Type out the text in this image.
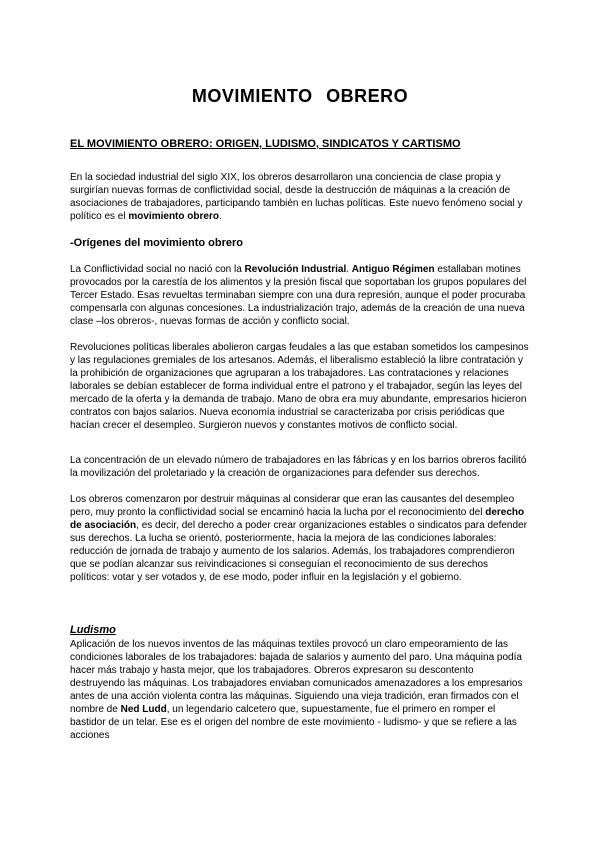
MOVIMIENTO OBRERO
EL MOVIMIENTO OBRERO: ORIGEN, LUDISMO, SINDICATOS Y CARTISMO

En la sociedad industrial del siglo XIX, los obreros desarrollaron una conciencia de clase propia y surgirían nuevas formas de conflictividad social, desde la destrucción de máquinas a la creación de asociaciones de trabajadores, participando también en luchas políticas. Este nuevo fenómeno social y político es el movimiento obrero.

-Orígenes del movimiento obrero

La Conflictividad social no nació con la Revolución Industrial. Antiguo Régimen estallaban motines provocados por la carestía de los alimentos y la presión fiscal que soportaban los grupos populares del Tercer Estado. Esas revueltas terminaban siempre con una dura represión, aunque el poder procuraba compensarla con algunas concesiones. La industrialización trajo, además de la creación de una nueva clase –los obreros-, nuevas formas de acción y conflicto social.

Revoluciones políticas liberales abolieron cargas feudales a las que estaban sometidos los campesinos y las regulaciones gremiales de los artesanos. Además, el liberalismo estableció la libre contratación y la prohibición de organizaciones que agruparan a los trabajadores. Las contrataciones y relaciones laborales se debían establecer de forma individual entre el patrono y el trabajador, según las leyes del mercado de la oferta y la demanda de trabajo. Mano de obra era muy abundante, empresarios hicieron contratos con bajos salarios. Nueva economía industrial se caracterizaba por crisis periódicas que hacían crecer el desempleo. Surgieron nuevos y constantes motivos de conflicto social.

La concentración de un elevado número de trabajadores en las fábricas y en los barrios obreros facilitó la movilización del proletariado y la creación de organizaciones para defender sus derechos.

Los obreros comenzaron por destruir máquinas al considerar que eran las causantes del desempleo pero, muy pronto la conflictividad social se encaminó hacia la lucha por el reconocimiento del derecho de asociación, es decir, del derecho a poder crear organizaciones estables o sindicatos para defender sus derechos. La lucha se orientó, posteriormente, hacia la mejora de las condiciones laborales: reducción de jornada de trabajo y aumento de los salarios. Además, los trabajadores comprendieron que se podían alcanzar sus reivindicaciones si conseguían el reconocimiento de sus derechos políticos: votar y ser votados y, de ese modo, poder influir en la legislación y el gobierno.

Ludismo

Aplicación de los nuevos inventos de las máquinas textiles provocó un claro empeoramiento de las condiciones laborales de los trabajadores: bajada de salarios y aumento del paro. Una máquina podía hacer más trabajo y hasta mejor, que los trabajadores. Obreros expresaron su descontento destruyendo las máquinas. Los trabajadores enviaban comunicados amenazadores a los empresarios antes de una acción violenta contra las máquinas. Siguiendo una vieja tradición, eran firmados con el nombre de Ned Ludd, un legendario calcetero que, supuestamente, fue el primero en romper el bastidor de un telar. Ese es el origen del nombre de este movimiento - ludismo- y que se refiere a las acciones
